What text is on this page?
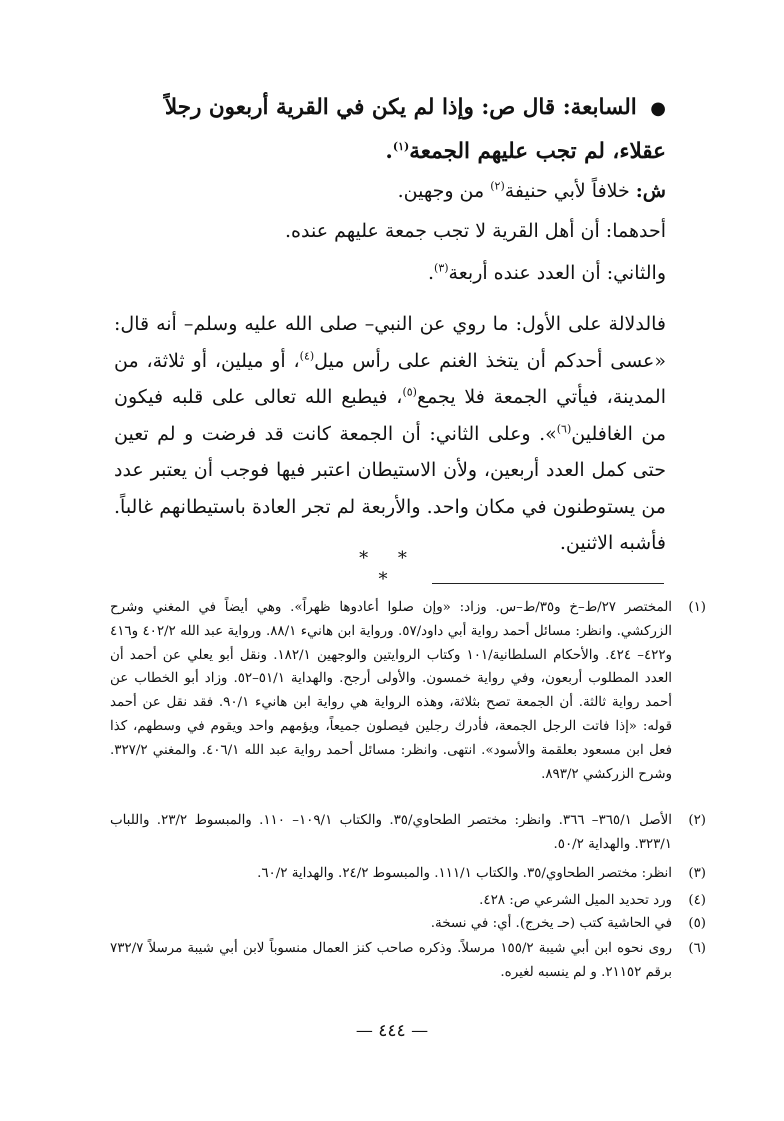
● السابعة: قال ص: وإذا لم يكن في القرية أربعون رجلاً عقلاء، لم تجب عليهم الجمعة$^{(١)}$.
ش: خلافاً لأبي حنيفة$^{(٢)}$ من وجهين.
أحدهما: أن أهل القرية لا تجب جمعة عليهم عنده.
والثاني: أن العدد عنده أربعة$^{(٣)}$.
فالدلالة على الأول: ما روي عن النبي– صلى الله عليه وسلم– أنه قال: «عسى أحدكم أن يتخذ الغنم على رأس ميل$^{(٤)}$، أو ميلين، أو ثلاثة، من المدينة، فيأتي الجمعة فلا يجمع$^{(٥)}$، فيطبع الله تعالى على قلبه فيكون من الغافلين$^{(٦)}$». وعلى الثاني: أن الجمعة كانت قد فرضت و لم تعين حتى كمل العدد أربعين، ولأن الاستيطان اعتبر فيها فوجب أن يعتبر عدد من يستوطنون في مكان واحد. والأربعة لم تجر العادة باستيطانهم غالباً. فأشبه الاثنين.
* * *
(١)
المختصر ٢٧/ط–خ و٣٥/ط–س. وزاد: «وإن صلوا أعادوها ظهراً». وهي أيضاً في المغني وشرح الزركشي. وانظر: مسائل أحمد رواية أبي داود/٥٧. ورواية ابن هانيء ٨٨/١. ورواية عبد الله ٤٠٢/٢ و٤١٦ و٤٢٢– ٤٢٤. والأحكام السلطانية/١٠١ وكتاب الروايتين والوجهين ١٨٢/١. ونقل أبو يعلي عن أحمد أن العدد المطلوب أربعون، وفي رواية خمسون. والأولى أرجح. والهداية ٥١/١–٥٢. وزاد أبو الخطاب عن أحمد رواية ثالثة. أن الجمعة تصح بثلاثة، وهذه الرواية هي رواية ابن هانيء ٩٠/١. فقد نقل عن أحمد قوله: «إذا فاتت الرجل الجمعة، فأدرك رجلين فيصلون جميعاً، ويؤمهم واحد ويقوم في وسطهم، كذا فعل ابن مسعود بعلقمة والأسود». انتهى. وانظر: مسائل أحمد رواية عبد الله ٤٠٦/١. والمغني ٣٢٧/٢. وشرح الزركشي ٨٩٣/٢.
(٢)
الأصل ٣٦٥/١– ٣٦٦. وانظر: مختصر الطحاوي/٣٥. والكتاب ١٠٩/١– ١١٠. والمبسوط ٢٣/٢. واللباب ٣٢٣/١. والهداية ٥٠/٢.
(٣)
انظر: مختصر الطحاوي/٣٥. والكتاب ١١١/١. والمبسوط ٢٤/٢. والهداية ٦٠/٢.
(٤)
ورد تحديد الميل الشرعي ص: ٤٢٨.
(٥)
في الحاشية كتب (حـ يخرج). أي: في نسخة.
(٦)
روى نحوه ابن أبي شيبة ١٥٥/٢ مرسلاً. وذكره صاحب كنز العمال منسوباً لابن أبي شيبة مرسلاً ٧٣٢/٧ برقم ٢١١٥٢. و لم ينسبه لغيره.
— ٤٤٤ —
